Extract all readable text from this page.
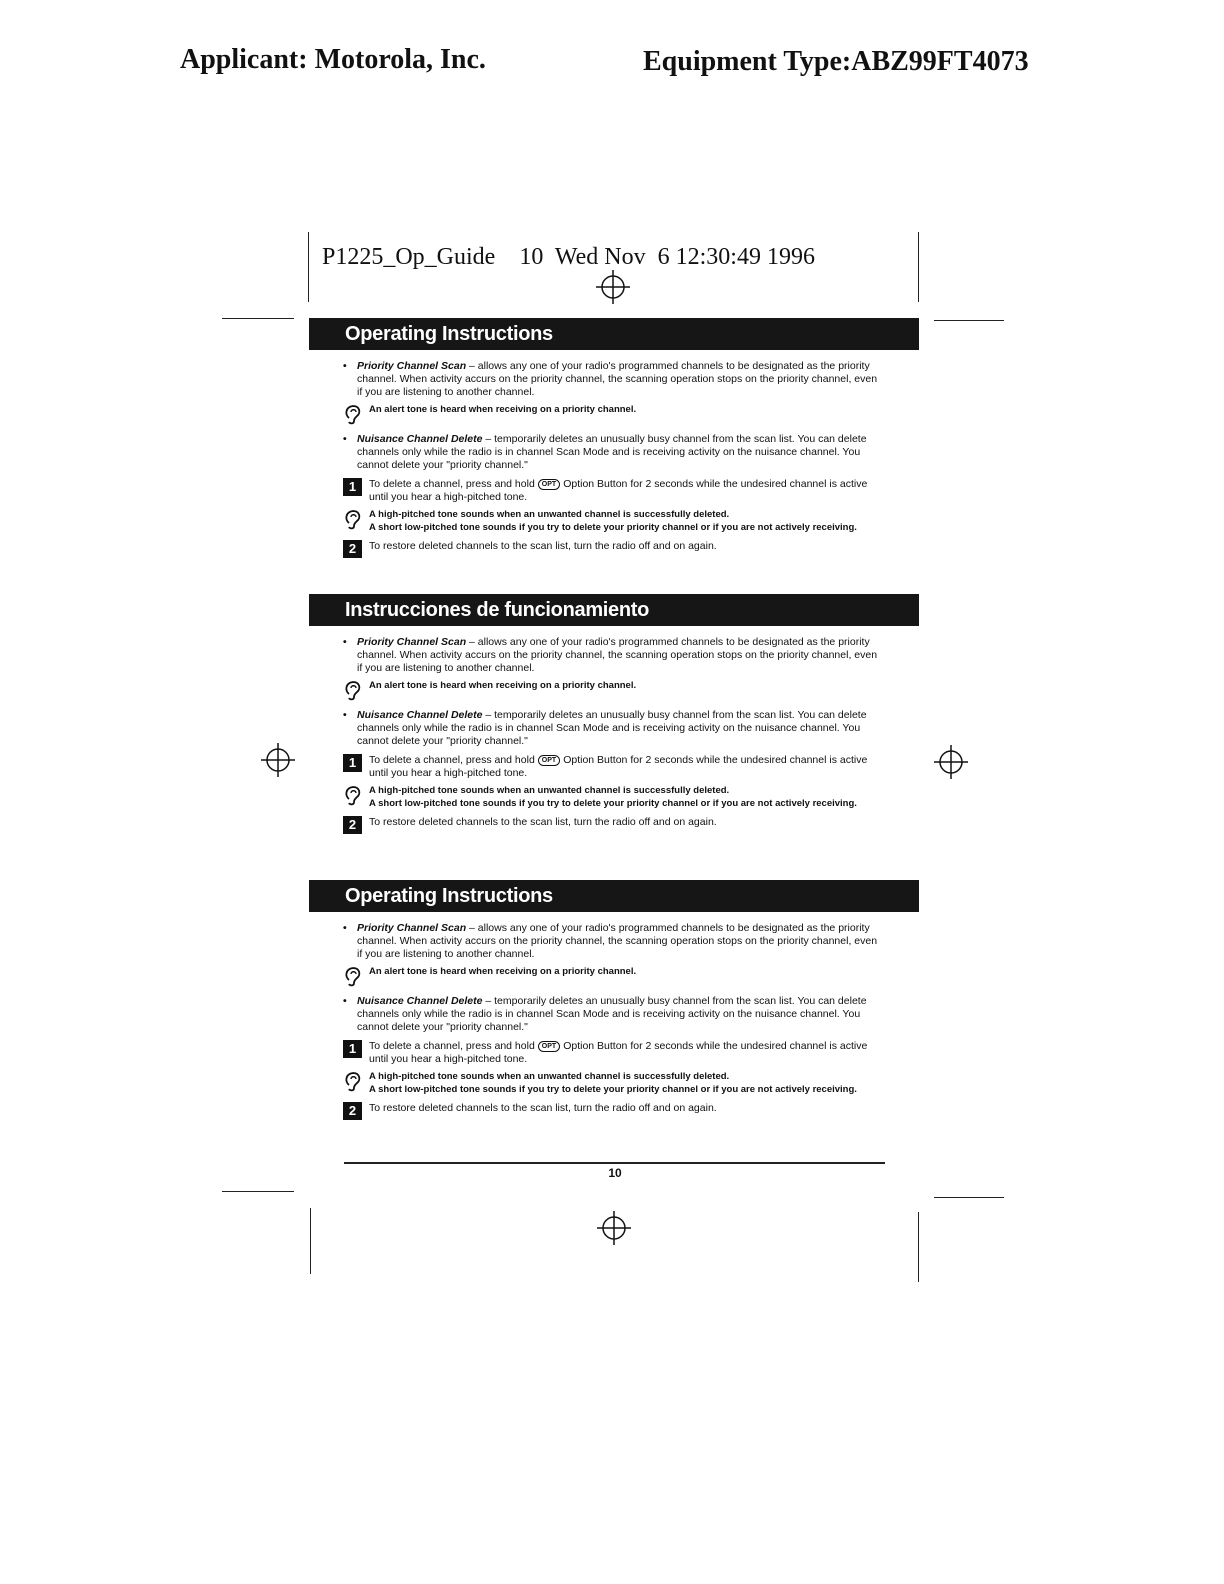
Applicant: Motorola, Inc.	Equipment Type:ABZ99FT4073
P1225_Op_Guide    10  Wed Nov  6 12:30:49 1996
Operating Instructions
• Priority Channel Scan – allows any one of your radio's programmed channels to be designated as the priority channel. When activity accurs on the priority channel, the scanning operation stops on the priority channel, even if you are listening to another channel.
An alert tone is heard when receiving on a priority channel.
• Nuisance Channel Delete – temporarily deletes an unusually busy channel from the scan list. You can delete channels only while the radio is in channel Scan Mode and is receiving activity on the nuisance channel. You cannot delete your "priority channel."
1	To delete a channel, press and hold OPT Option Button for 2 seconds while the undesired channel is active until you hear a high-pitched tone.
A high-pitched tone sounds when an unwanted channel is successfully deleted.
A short low-pitched tone sounds if you try to delete your priority channel or if you are not actively receiving.
2	To restore deleted channels to the scan list, turn the radio off and on again.
Instrucciones de funcionamiento
• Priority Channel Scan – allows any one of your radio's programmed channels to be designated as the priority channel. When activity accurs on the priority channel, the scanning operation stops on the priority channel, even if you are listening to another channel.
An alert tone is heard when receiving on a priority channel.
• Nuisance Channel Delete – temporarily deletes an unusually busy channel from the scan list. You can delete channels only while the radio is in channel Scan Mode and is receiving activity on the nuisance channel. You cannot delete your "priority channel."
1	To delete a channel, press and hold OPT Option Button for 2 seconds while the undesired channel is active until you hear a high-pitched tone.
A high-pitched tone sounds when an unwanted channel is successfully deleted.
A short low-pitched tone sounds if you try to delete your priority channel or if you are not actively receiving.
2	To restore deleted channels to the scan list, turn the radio off and on again.
Operating Instructions
• Priority Channel Scan – allows any one of your radio's programmed channels to be designated as the priority channel. When activity accurs on the priority channel, the scanning operation stops on the priority channel, even if you are listening to another channel.
An alert tone is heard when receiving on a priority channel.
• Nuisance Channel Delete – temporarily deletes an unusually busy channel from the scan list. You can delete channels only while the radio is in channel Scan Mode and is receiving activity on the nuisance channel. You cannot delete your "priority channel."
1	To delete a channel, press and hold OPT Option Button for 2 seconds while the undesired channel is active until you hear a high-pitched tone.
A high-pitched tone sounds when an unwanted channel is successfully deleted.
A short low-pitched tone sounds if you try to delete your priority channel or if you are not actively receiving.
2	To restore deleted channels to the scan list, turn the radio off and on again.
10
